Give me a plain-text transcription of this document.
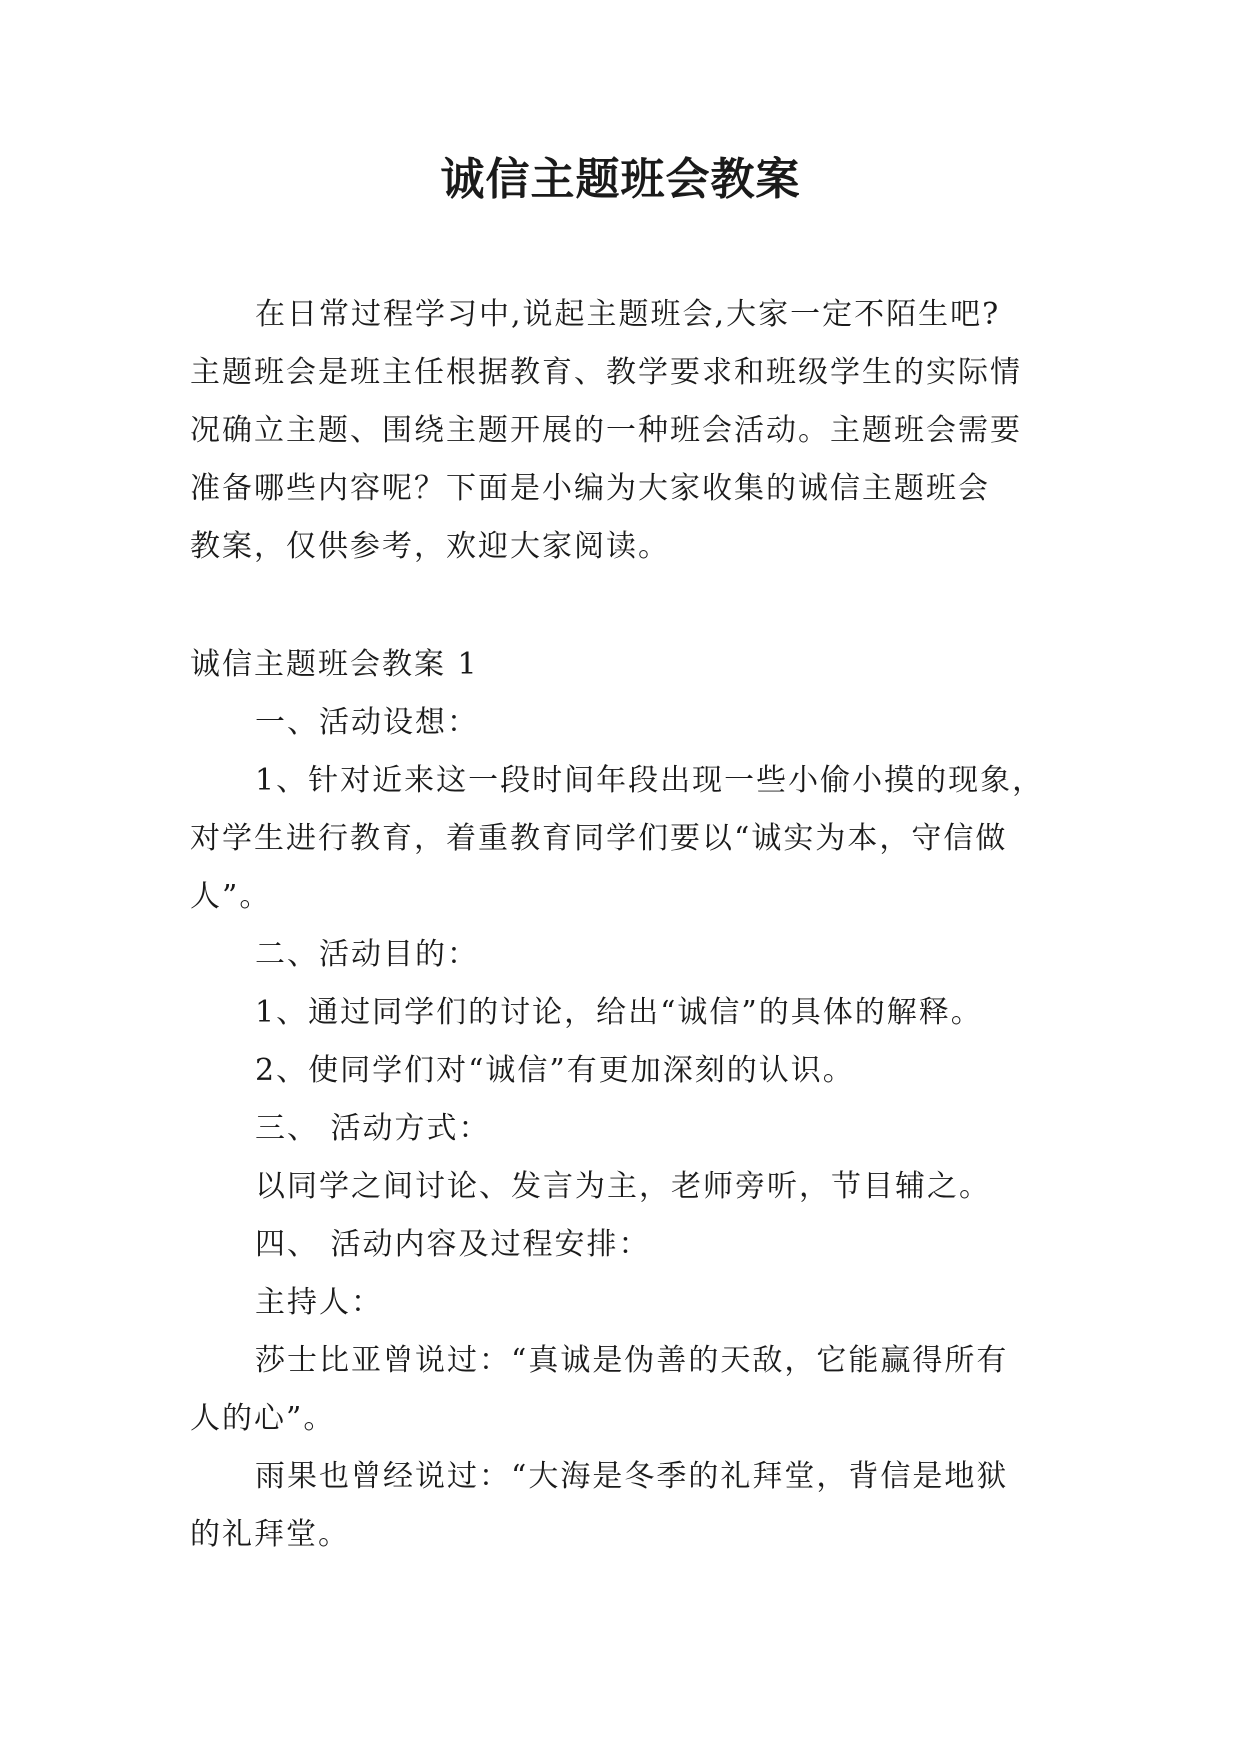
诚信主题班会教案
在日常过程学习中,说起主题班会,大家一定不陌生吧?
主题班会是班主任根据教育、教学要求和班级学生的实际情
况确立主题、围绕主题开展的一种班会活动。主题班会需要
准备哪些内容呢？下面是小编为大家收集的诚信主题班会
教案，仅供参考，欢迎大家阅读。

诚信主题班会教案 1

一、活动设想：

1、针对近来这一段时间年段出现一些小偷小摸的现象，
对学生进行教育，着重教育同学们要以“诚实为本，守信做
人”。

二、活动目的：

1、通过同学们的讨论，给出“诚信”的具体的解释。

2、使同学们对“诚信”有更加深刻的认识。

三、 活动方式：

以同学之间讨论、发言为主，老师旁听，节目辅之。

四、 活动内容及过程安排：

主持人：

莎士比亚曾说过：“真诚是伪善的天敌，它能赢得所有
人的心”。

雨果也曾经说过：“大海是冬季的礼拜堂，背信是地狱
的礼拜堂。
